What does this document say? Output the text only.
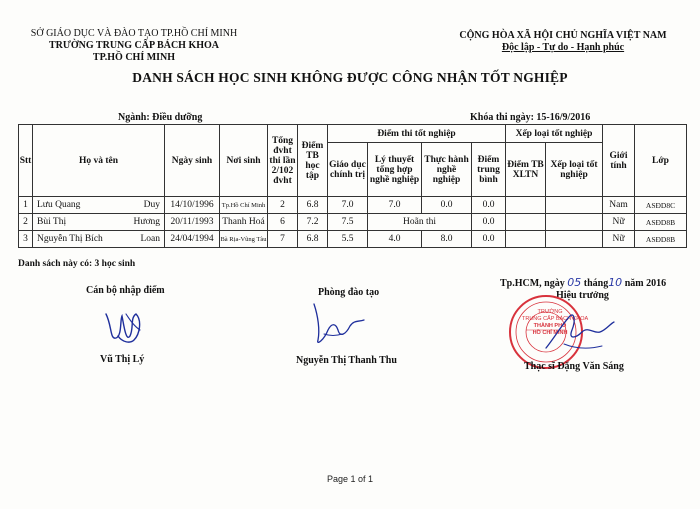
SỞ GIÁO DỤC VÀ ĐÀO TẠO TP.HỒ CHÍ MINH
TRƯỜNG TRUNG CẤP BÁCH KHOA
TP.HỒ CHÍ MINH
CỘNG HÒA XÃ HỘI CHỦ NGHĨA VIỆT NAM
Độc lập - Tự do - Hạnh phúc
DANH SÁCH HỌC SINH KHÔNG ĐƯỢC CÔNG NHẬN TỐT NGHIỆP
Ngành: Điều dưỡng	Khóa thi ngày: 15-16/9/2016
Stt	Họ và tên	Ngày sinh	Nơi sinh	Tổng đvht thi lần 2/102 đvht	Điểm TB học tập	Điểm thi tốt nghiệp				Xếp loại tốt nghiệp		Giới tính	Lớp
						Giáo dục chính trị	Lý thuyết tổng hợp nghề nghiệp	Thực hành nghề nghiệp	Điểm trung bình	Điểm TB XLTN	Xếp loại tốt nghiệp		
1	Lưu Quang Duy	14/10/1996	Tp.Hồ Chí Minh	2	6.8	7.0	7.0	0.0	0.0			Nam	ASĐD8C
2	Bùi Thị Hương	20/11/1993	Thanh Hoá	6	7.2	7.5	Hoãn thi		0.0			Nữ	ASĐD8B
3	Nguyễn Thị Bích Loan	24/04/1994	Bà Rịa-Vũng Tàu	7	6.8	5.5	4.0	8.0	0.0			Nữ	ASĐD8B
Danh sách này có: 3 học sinh
Cán bộ nhập điểm	Phòng đào tạo
Tp.HCM, ngày 05 tháng10 năm 2016
Hiệu trưởng
TRƯỜNG
TRUNG CẤP BÁCH KHOA
THÀNH PHỐ
HỒ CHÍ MINH
Vũ Thị Lý	Nguyễn Thị Thanh Thu
Thạc sĩ Đặng Văn Sáng
Page 1 of 1
